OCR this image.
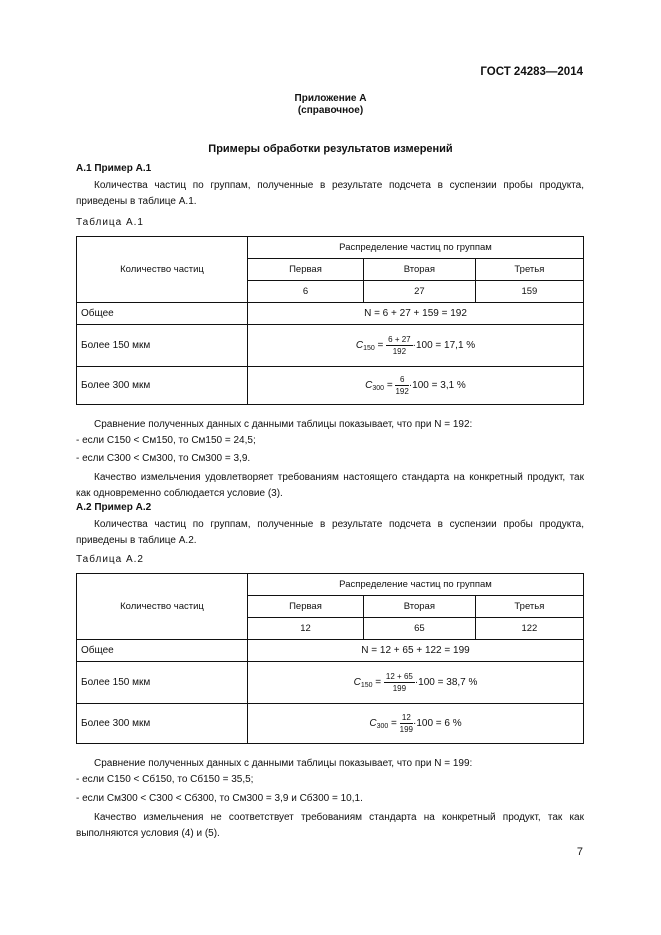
ГОСТ 24283—2014
Приложение А
(справочное)
Примеры обработки результатов измерений
А.1 Пример А.1
Количества частиц по группам, полученные в результате подсчета в суспензии пробы продукта, приведены в таблице А.1.
Таблица А.1
Количество частиц	Распределение частиц по группам		
	Первая	Вторая	Третья
	6	27	159
Общее	N = 6 + 27 + 159 = 192		
Более 150 мкм	$C_{150} = \frac{6 + 27}{192} \cdot 100 = 17,1$ %		
Более 300 мкм	$C_{300} = \frac{6}{192} \cdot 100 = 3,1$ %		
Сравнение полученных данных с данными таблицы показывает, что при N = 192:
- если C150 < Cм150, то Cм150 = 24,5;
- если C300 < Cм300, то Cм300 = 3,9.
Качество измельчения удовлетворяет требованиям настоящего стандарта на конкретный продукт, так как одновременно соблюдается условие (3).
А.2 Пример А.2
Количества частиц по группам, полученные в результате подсчета в суспензии пробы продукта, приведены в таблице А.2.
Таблица А.2
Количество частиц	Распределение частиц по группам		
	Первая	Вторая	Третья
	12	65	122
Общее	N = 12 + 65 + 122 = 199		
Более 150 мкм	$C_{150} = \frac{12 + 65}{199} \cdot 100 = 38,7$ %		
Более 300 мкм	$C_{300} = \frac{12}{199} \cdot 100 = 6$ %		
Сравнение полученных данных с данными таблицы показывает, что при N = 199:
- если C150 < Cб150, то Cб150 = 35,5;
- если Cм300 < C300 < Cб300, то Cм300 = 3,9 и Cб300 = 10,1.
Качество измельчения не соответствует требованиям стандарта на конкретный продукт, так как выполняются условия (4) и (5).
7
